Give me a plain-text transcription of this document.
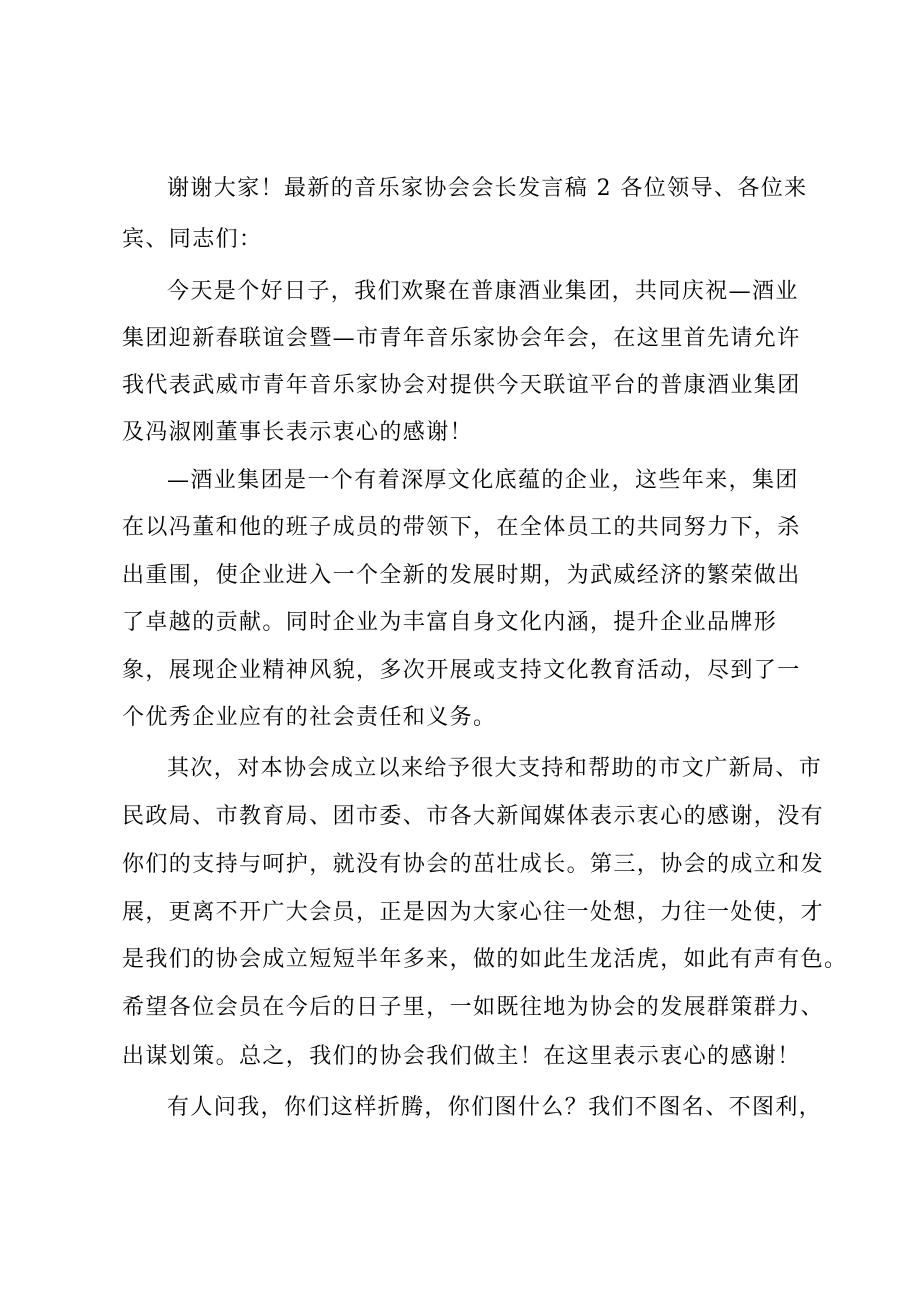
谢谢大家！最新的音乐家协会会长发言稿 2 各位领导、各位来
宾、同志们：
今天是个好日子，我们欢聚在普康酒业集团，共同庆祝—酒业
集团迎新春联谊会暨—市青年音乐家协会年会，在这里首先请允许
我代表武威市青年音乐家协会对提供今天联谊平台的普康酒业集团
及冯淑刚董事长表示衷心的感谢！
—酒业集团是一个有着深厚文化底蕴的企业，这些年来，集团
在以冯董和他的班子成员的带领下，在全体员工的共同努力下，杀
出重围，使企业进入一个全新的发展时期，为武威经济的繁荣做出
了卓越的贡献。同时企业为丰富自身文化内涵，提升企业品牌形
象，展现企业精神风貌，多次开展或支持文化教育活动，尽到了一
个优秀企业应有的社会责任和义务。
其次，对本协会成立以来给予很大支持和帮助的市文广新局、市
民政局、市教育局、团市委、市各大新闻媒体表示衷心的感谢，没有
你们的支持与呵护，就没有协会的茁壮成长。第三，协会的成立和发
展，更离不开广大会员，正是因为大家心往一处想，力往一处使，才
是我们的协会成立短短半年多来，做的如此生龙活虎，如此有声有色。
希望各位会员在今后的日子里，一如既往地为协会的发展群策群力、
出谋划策。总之，我们的协会我们做主！在这里表示衷心的感谢！
有人问我，你们这样折腾，你们图什么？我们不图名、不图利，
